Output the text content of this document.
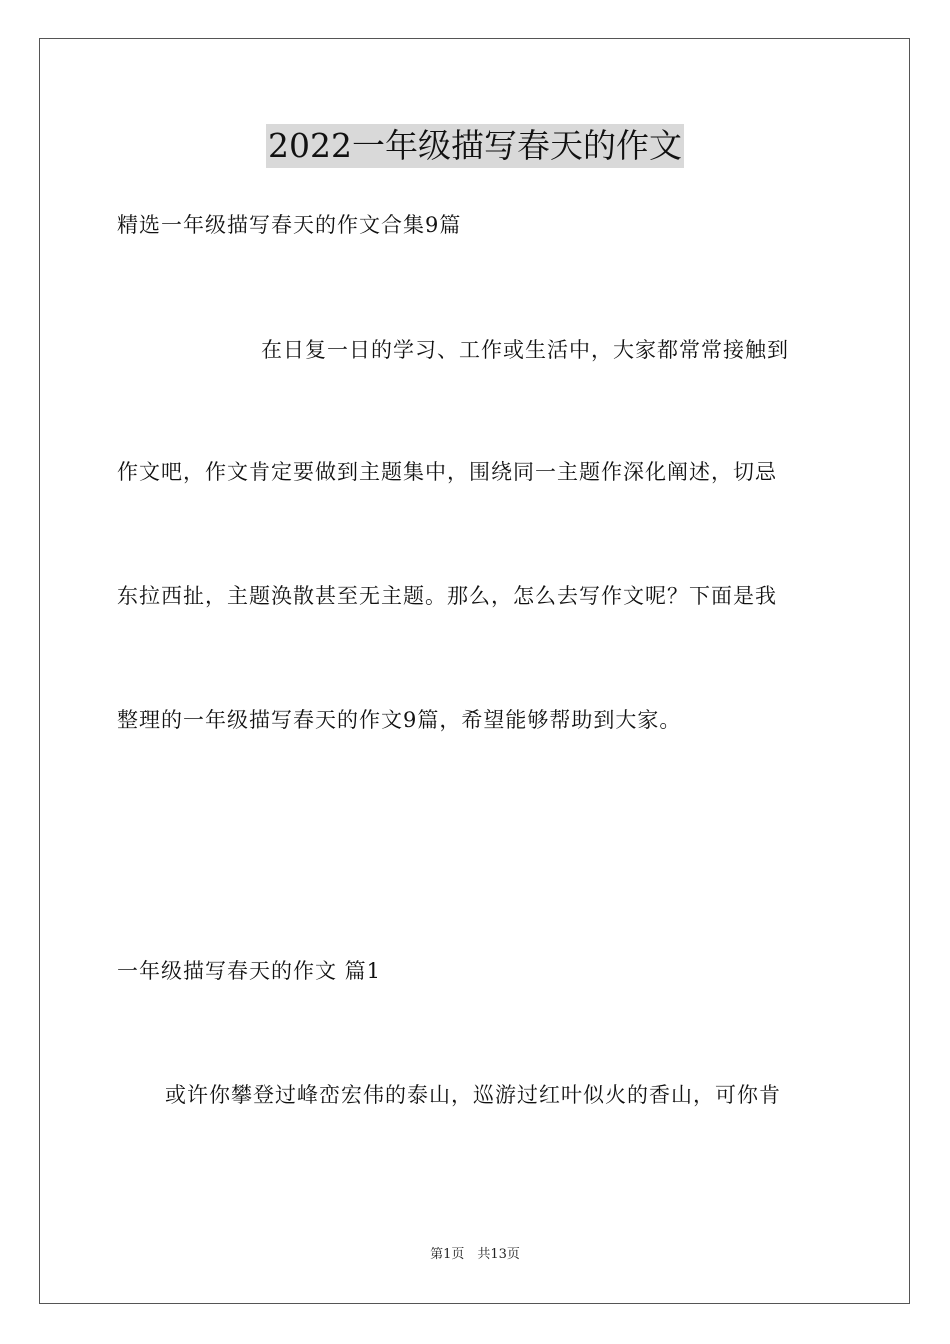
2022一年级描写春天的作文
精选一年级描写春天的作文合集9篇
在日复一日的学习、工作或生活中，大家都常常接触到
作文吧，作文肯定要做到主题集中，围绕同一主题作深化阐述，切忌
东拉西扯，主题涣散甚至无主题。那么，怎么去写作文呢？下面是我
整理的一年级描写春天的作文9篇，希望能够帮助到大家。
一年级描写春天的作文 篇1
或许你攀登过峰峦宏伟的泰山，巡游过红叶似火的香山，可你肯
第1页　共13页
